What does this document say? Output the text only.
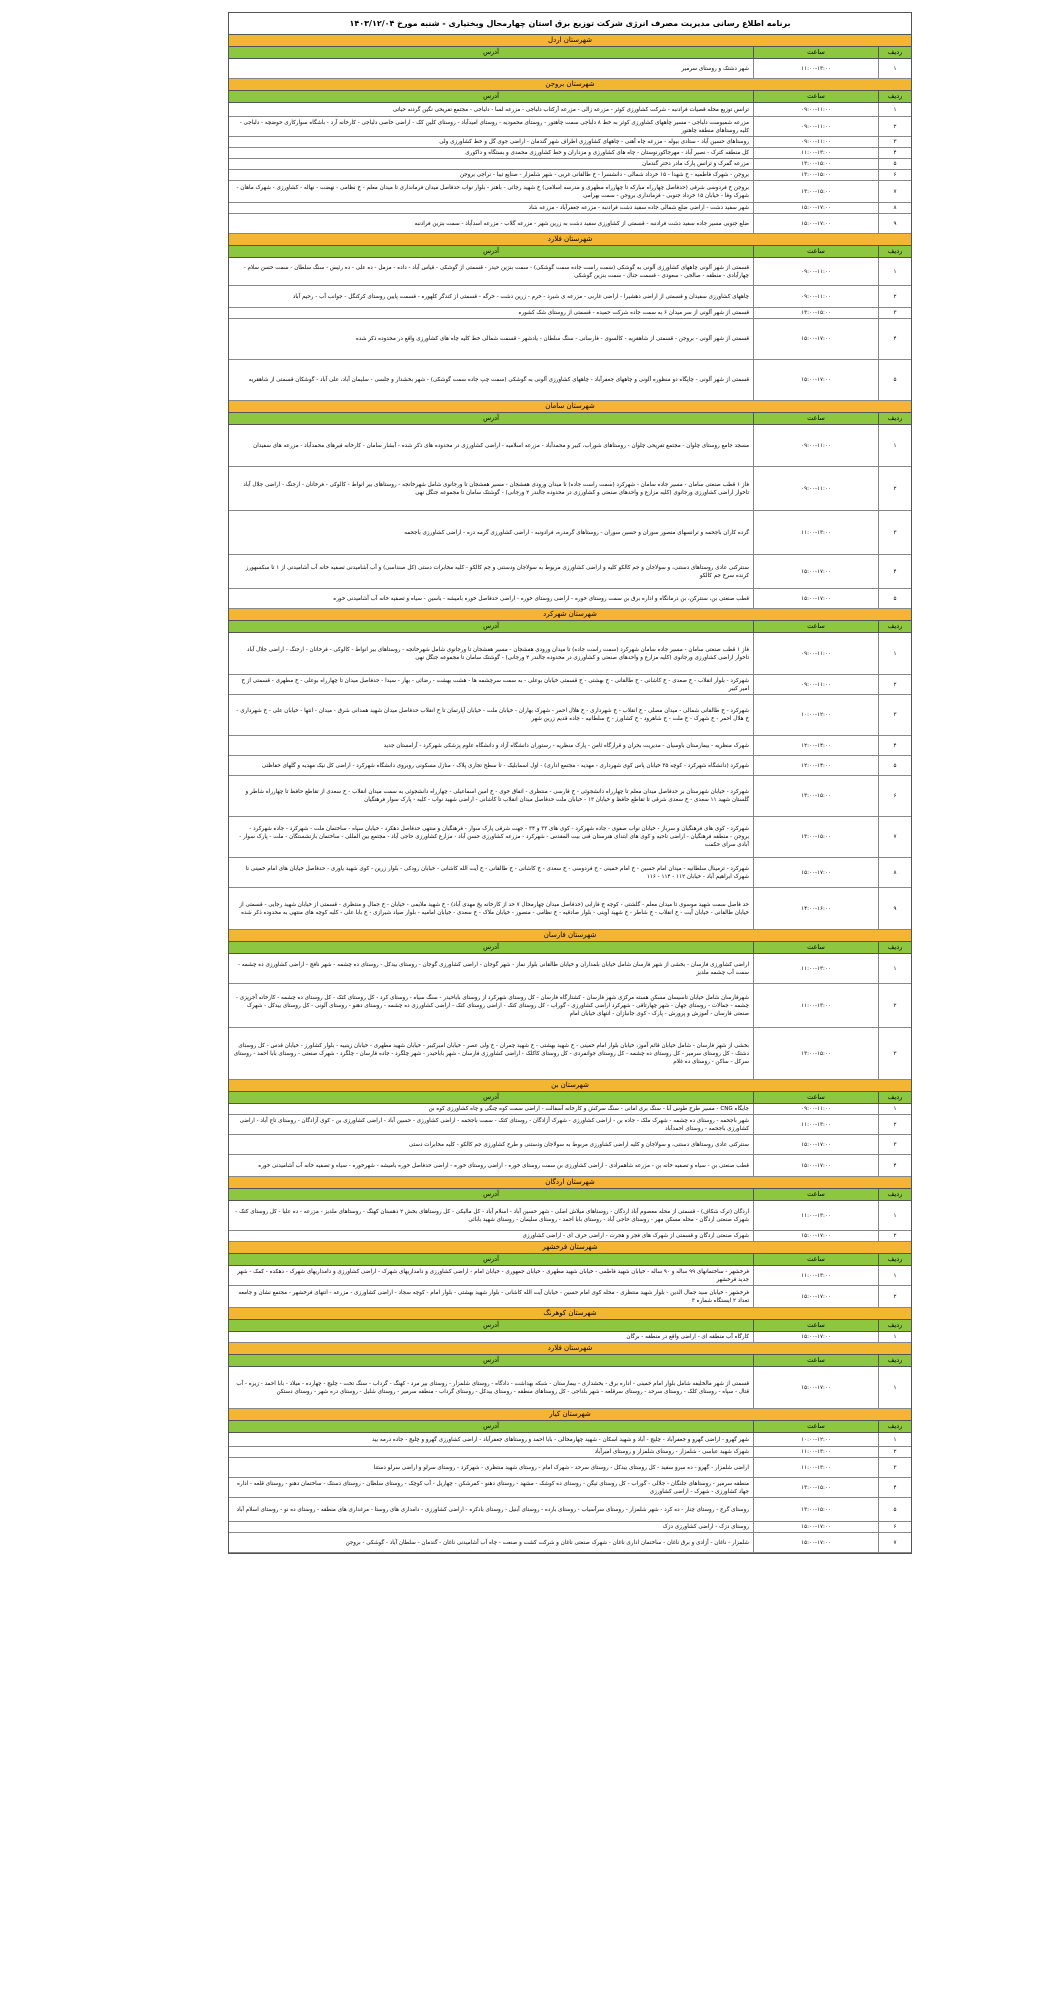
برنامه اطلاع رسانی مدیریت مصرف انرژی شرکت توزیع برق استان چهارمحال وبختیاری - شنبه مورخ ۱۴۰۳/۱۲/۰۴
شهرستان اردل
ردیف
ساعت
آدرس
۱
۱۱:۰۰-۱۳:۰۰
شهر دشتک و روستای سرمیر
شهرستان بروجن
ردیف
ساعت
آدرس
۱
۰۹:۰۰-۱۱:۰۰
ترانس توزیع محله قصیات فرادنبه - شرکت کشاورزی کوثر - مزرعه زالی - مزرعه آرکتاب دلباجی - مزرعه لسا - دلباجی - مجتمع تفریحی نگین گردنه حیاتی
۲
۰۹:۰۰-۱۱:۰۰
مزرعه شمیوست دلباجی - مسیر چاههای کشاورزی کوثر به خط ۸ دلباجی سمت چاهتور - روستای محمودیه - روستای امیدآباد - روستای کلین کک - اراضی خاصی دلباجی - کارخانه آرد - باشگاه سوارکاری حوضچه - دلباجی - کلیه روستاهای منطقه چاهتور
۳
۰۹:۰۰-۱۱:۰۰
روستاهای حسین آباد - ستادی بیوله - مزرعه چاه آهنی - چاههای کشاورزی اطراف شهر گندمان - اراضی جوی گل و خط کشاورزی ولی
۴
۱۱:۰۰-۱۳:۰۰
کل منطقه کترک - نصیر آباد - مهرجاکورنوستان - چاه های کشاورزی و مزداران و خط کشاورزی محمدی و بستگاه و داکوری
۵
۱۳:۰۰-۱۵:۰۰
مزرعه گمرک و ترانس پارک مادر دختر گندمان
۶
۱۳:۰۰-۱۵:۰۰
بروجن - شهرک فاطمیه - خ شهدا - ۱۵ خرداد شمالی - دانشسرا - خ طالقانی غربی - شهر شلمزار - صنایع تیبا - نراجی بروجن
۷
۱۳:۰۰-۱۵:۰۰
بروجن خ فردوسی شرقی (حدفاصل چهارراه مبارکه تا چهارراه مطهری و مدرسه اسلامی) خ شهید رجائی - باهنر - بلوار نواب حدفاصل میدان فرمانداری تا میدان معلم - خ نظامی - نهضت - نهاله - کشاورزی - شهرک ماهان - شهرک وفا - خیابان ۱۵ خرداد جنوبی - فرمانداری بروجن - سمت بهرامی
۸
۱۵:۰۰-۱۷:۰۰
شهر سفید دشت - اراضی ضلع شمالی جاده سفید دشت فرادنبه - مزرعه جعفرآباد - مزرعه شاد
۹
۱۵:۰۰-۱۷:۰۰
ضلع جنوبی مسیر جاده سفید دشت فرادنبه - قسمتی از کشاورزی سفید دشت به زرین شهر - مزرعه گلاب - مزرعه اسدآباد - سمت بنزین فرادنبه
شهرستان فلارد
ردیف
ساعت
آدرس
۱
۰۹:۰۰-۱۱:۰۰
قسمتی از شهر آلونی چاههای کشاورزی آلونی به گوشکی (سمت راست جاده سمت گوشکی) - سمت بنزین حیدر - قسمتی از گوشکی - قیاس آباد - داده - مزمل - ده علی - ده رئیس - سنگ سلطان - سمت حسن سلام - چهارآبادی - منطقه - صالحی - سعودی - قسمت جنال - سمت بنزین گوشکی
۲
۰۹:۰۰-۱۱:۰۰
چاههای کشاورزی سفیدان و قسمتی از اراضی دهشیرا - اراضی غاربی - مزرعه ی شیرد - خرم - زرین دشت - خرگه - قسمتی از کندگر کلهوره - قسمت پایین روستای کرکنگل - جوانب آب - رحیم آباد
۳
۱۳:۰۰-۱۵:۰۰
قسمتی از شهر آلونی از سر میدان ۶ به سمت جاده شرکت حمیده - قسمتی از روستای شک کشوره
۴
۱۵:۰۰-۱۷:۰۰
قسمتی از شهر آلونی - بروجن - قسمتی از شاهقریه - کالسوی - فارسانی - سنگ سلطان - یادشهر - قسمت شمالی خط کلیه چاه های کشاورزی واقع در محدوده ذکر شده
۵
۱۵:۰۰-۱۷:۰۰
قسمتی از شهر آلونی - چاپگاه دو منظوره آلونی و چاههای جعفرآباد - چاههای کشاورزی آلونی به گوشکی (سمت چپ جاده سمت گوشکی) - شهر بخشدار و جلسی - سلیمان آباد، علی آباد - گوشکان قسمتی از شاهقریه
شهرستان سامان
ردیف
ساعت
آدرس
۱
۰۹:۰۰-۱۱:۰۰
مسجد جامع روستای چلوان - مجتمع تفریحی چلوان - روستاهای شوراب، کبیر و محمدآباد - مزرعه اسلامیه - اراضی کشاورزی در محدوده های ذکر شده - آبشار سامان - کارخانه فیرهای محمدآباد - مزرعه های سفیدان
۲
۰۹:۰۰-۱۱:۰۰
فاز ۱ قطب صنعتی سامان - مسیر جاده سامان - شهرکرد (سمت راست جاده) تا میدان ورودی هفشجان - مسیر هفشجان تا ورجانوی شامل شهرخانجه - روستاهای بیر انواط - کالوکی - فرخانان - ارجنگ - اراضی جلال آباد تاخوار اراضی کشاورزی ورجانوی (کلیه مزارع و واحدهای صنعتی و کشاورزی در محدوده جالندر ۲ ورجانی) - گوشتک سامان تا مجموعه جنگل نهی
۳
۱۱:۰۰-۱۳:۰۰
گرده کاران باجحمه و ترانسهای منصور سوران و حسین سوران - روستاهای گرمدره، فرادونبه - اراضی کشاورزی گرمه دره - اراضی کشاورزی باجحمه
۴
۱۵:۰۰-۱۷:۰۰
سنترکنی عادی روستاهای دستنی، و سولاجان و جم کالکو کلیه و اراضی کشاورزی مربوط به سولاجان ودستنی و جم کالکو - کلیه مخابرات دستی (کل صنداسی) و آب آشامیدنی تصفیه خانه آب آشامیدنی از ۱ تا سکسهورز کرنده سرخ جم کالکو
۵
۱۵:۰۰-۱۷:۰۰
قطب صنعتی بن، سنترکن، بن درمانگاه و اداره برق بن سمت روستای خوره - اراضی روستای خوره - اراضی حدفاصل خوره بامیشه - باسین - سیاه و تصفیه خانه آب آشامیدنی خوره
شهرستان شهرکرد
ردیف
ساعت
آدرس
۱
۰۹:۰۰-۱۱:۰۰
فاز ۱ قطب صنعتی سامان - مسیر جاده سامان شهرکرد (سمت راست جاده) تا میدان ورودی هفشجان - مسیر هفشجان تا ورجانوی شامل شهرخانجه - روستاهای بیر انواط - کالوکی - فرخانان - ارجنگ - اراضی جلال آباد تاخوار اراضی کشاورزی ورجانوی (کلیه مزارع و واحدهای صنعتی و کشاورزی در محدوده جالندر ۲ ورجانی) - گوشتک سامان تا مجموعه جنگل نهی
۲
۰۹:۰۰-۱۱:۰۰
شهرکرد - بلوار انقلاب - خ صعدی - خ کاشانی - خ طالقانی - خ بهشتی - خ قسمتی خیابان بوعلی - به سمت سرچشمه ها - هشت بهشت - رضائی - بهار - سیدا - حدفاصل میدان تا چهارراه بوعلی - خ مطهری - قسمتی از خ امیر کبیر
۳
۱۰:۰۰-۱۲:۰۰
شهرکرد - خ طالقانی شمالی - میدان مصلی - خ انقلاب - خ شهرداری - خ هلال احمر - شهرک بهاران - خیابان ملت - خیابان آپارتمان تا خ انقلاب حدفاصل میدان شهید همدانی شرق - میدان - انتها - خیابان علی - خ شهرداری - خ هلال احمر - خ شهرک - خ ملت - خ شاهرود - خ کشاورز - خ سلطانیه - جاده قدیم زرین شهر
۴
۱۲:۰۰-۱۴:۰۰
شهرک منظریه - بیمارستان باوسیان - مدیریت بحران و قرارگاه ثامن - پارک منظریه - رستوران دانشگاه آزاد و دانشگاه علوم پزشکی شهرکرد - آرامستان جدید
۵
۱۲:۰۰-۱۴:۰۰
شهرکرد (دانشگاه شهرکرد - کوچه ۳۵ خیابان پاس کوی شهرداری - مهدیه - مجتمع اداری) - اول اسمابلیک - تا سطح تجاری پلاک - منازل مسکونی روبروی دانشگاه شهرکرد - اراضی کل نیک مهدیه و گلهای حفاظتی
۶
۱۳:۰۰-۱۵:۰۰
شهرکرد - خیابان شهرستان بر حدفاصل میدان معلم تا چهارراه دانشجوئی - خ فارسی - منتظری - اتفاق خوی - خ امین اسماعیلی - چهارراه دانشجوئی به سمت میدان انقلاب - خ سعدی از تقاطع حافظ تا چهارراه شاطر و گلستان شهید ۱۱ سعدی - خ سعدی شرقی تا تقاطع حافظ و خیابان ۱۳ - خیابان ملت حدفاصل میدان انقلاب تا کاشانی - اراضی شهید نواب - کلیه - پارک سوار فرهنگیان
۷
۱۳:۰۰-۱۵:۰۰
شهرکرد - کوی های فرهنگیان و سرباز - خیابان نواب صفوی - جاده شهرکرد - کوی های ۳۳ و ۳۴ - جهت شرقی پارک سوار - فرهنگیان و منتهی حدفاصل دهکرد - خیابان سپاه - ساختمان ملت - شهرکرد - جاده شهرکرد - بروجن - منطقه فرهنگیان - اراضی ناحیه و کوی های ابتدای هنرستان فنی بیت المقدس - شهرکرد - مزرعه کشاورزی حسن آباد - مزارع کشاورزی حاجی آباد - مجتمع بین المللی - ساختمان بازنشستگان - ملت - پارک سوار - آبادی سرای حکمت
۸
۱۵:۰۰-۱۷:۰۰
شهرکرد - ترمینال سلطانیه - میدان امام حسین - خ امام خمینی - خ فردوسی - خ سعدی - خ کاشانی - خ طالقانی - خ آیت الله کاشانی - خیابان رودکی - بلوار زرین - کوی شهید یاوری - حدفاصل خیابان های امام خمینی تا شهرک ابراهیم آباد - خیابان ۱۱۲ - ۱۱۴ - ۱۱۶
۹
۱۴:۰۰-۱۶:۰۰
حد فاصل سمت شهید موسوی تا میدان معلم - گلشتی - کوچه خ فارابی (حدفاصل میدان چهارمحال ۷ حد از کارخانه یخ مهدی آباد) - خ شهید ملایمی - خیابان - خ جمال و منتظری - قسمتی از خیابان شهید رجایی - قسمتی از خیابان طالقانی - خیابان آیت - خ انقلاب - خ شاطر - خ شهید آوینی - بلوار صادقیه - خ نظامی - منصور - خیابان ملاک - خ سعدی - خیابان امامیه - بلوار صیاد شیرازی - خ بابا علی - کلیه کوچه های منتهی به محدوده ذکر شده
شهرستان فارسان
ردیف
ساعت
آدرس
۱
۱۱:۰۰-۱۳:۰۰
اراضی کشاورزی فارسان - بخشی از شهر فارسان شامل خیابان بلمداران و خیابان طالقانی بلوار نماز - شهر گوجان - اراضی کشاورزی گوجان - روستای بیدکل - روستای ده چشمه - شهر نافچ - اراضی کشاورزی ده چشمه - سمت آب چشمه ملدیز
۲
۱۱:۰۰-۱۳:۰۰
شهرفارسان شامل خیابان تاسیسان مسکن هسته مرکزی شهر فارسان - کشتارگاه فارسان - کل روستای شهرکرد از روستای باباحیدر - سنگ سیاه - روستای کرد - کل روستای کتک - کل روستای ده چشمه - کارخانه آجرپزی - چشمه - جمالات - روستای جهان - شهر چهارتاقی - شهرکرد اراضی کشاورزی - گوراب - کل روستای کتک - اراضی روستای کتک - اراضی کشاورزی ده چشمه - روستای دهنو - روستای آلونی - کل روستای بیدکل - شهرک صنعتی فارسان - آموزش و پرورش - پارک - کوی جانبازان - انتهای خیابان امام
۳
۱۳:۰۰-۱۵:۰۰
بخشی از شهر فارسان - شامل خیابان قائم آموز، خیابان بلوار امام خمینی - خ شهید بهشتی - خ شهید چمران - خ ولی عصر - خیابان امیرکبیر - خیابان شهید مطهری - خیابان زینبیه - بلوار کشاورز - خیابان قدس - کل روستای دشتک - کل روستای سرمیر - کل روستای ده چشمه - کل روستای جوانمردی - کل روستای کاکلک - اراضی کشاورزی فارسان - شهر باباحیدر - شهر چلگرد - جاده فارسان - چلگرد - شهرک صنعتی - روستای بابا احمد - روستای سرکل - ساکن - روستای ده غلام
شهرستان بن
ردیف
ساعت
آدرس
۱
۰۹:۰۰-۱۱:۰۰
جایگاه CNG - مسیر طرح طوس آبا - سنگ بری امانی - سنگ سرکش و کارخانه آسفالت - اراضی سمت کوه چنگی و چاه کشاورزی کوه بن
۲
۱۱:۰۰-۱۳:۰۰
شهر باجحمه - روستای ده چشمه - شهرک ملک - جاده بن - اراضی کشاورزی - شهرک آزادگان - روستای کتک - سمت باجحمه - اراضی کشاورزی - حسین آباد - اراضی کشاورزی بن - کوی آزادگان - روستای تاج آباد - اراضی کشاورزی باجحمه - روستای احمدآباد
۳
۱۵:۰۰-۱۷:۰۰
سنترکنی عادی روستاهای دستنی، و سولاجان و کلیه اراضی کشاورزی مربوط به سولاجان ودستنی و طرح کشاورزی جم کالکو - کلیه مخابرات دستی
۴
۱۵:۰۰-۱۷:۰۰
قطب صنعتی بن - سیاه و تصفیه خانه بن - مزرعه شاهمرادی - اراضی کشاورزی بن سمت روستای خوره - اراضی روستای خوره - اراضی حدفاصل خوره بامیشه - شهرخوره - سیاه و تصفیه خانه آب آشامیدنی خوره
شهرستان اردگان
ردیف
ساعت
آدرس
۱
۱۱:۰۰-۱۳:۰۰
اردگان (ترک شکاف) - قسمتی از محله معصوم آباد اردگان - روستاهای میلاش اصلی - شهر حسین آباد - اسلام آباد - کل مالیکی - کل روستاهای بخش ۲ دهستان کهنگ - روستاهای ملدیز - مزرعه - ده علیا - کل روستای کتک - شهرک صنعتی اردگان - محله مسکن مهر - روستای حاجی آباد - روستای بابا احمد - روستای سلیمان - روستای شهید بابائی
۲
۱۵:۰۰-۱۷:۰۰
شهرک صنعتی اردگان و قسمتی از شهرک های فجر و هجرت - اراضی حرف ای - اراضی کشاورزی
شهرستان فرخشهر
ردیف
ساعت
آدرس
۱
۱۱:۰۰-۱۳:۰۰
فرخشهر - ساختمانهای ۹۹ ساله و ۹۰ ساله - خیابان شهید فاطمی - خیابان شهید مطهری - خیابان جمهوری - خیابان امام - اراضی کشاورزی و دامداریهای شهرک - اراضی کشاورزی و دامداریهای شهرک - دهکده - کمک - شهر جدید فرخشهر
۲
۱۵:۰۰-۱۷:۰۰
فرخشهر - خیابان سید جمال الدین - بلوار شهید منتظری - محله کوی امام حسین - خیابان آیت الله کاشانی - بلوار شهید بهشتی - بلوار امام - کوچه سجاد - اراضی کشاورزی - مزرعه - انتهای فرخشهر - مجتمع نشان و جامعه تعداد ۲ ایستگاه شماره ۳
شهرستان کوهرنگ
ردیف
ساعت
آدرس
۱
۱۵:۰۰-۱۷:۰۰
کارگاه آب منطقه ای - اراضی واقع در منطقه - برگان
شهرستان فلارد
ردیف
ساعت
آدرس
۱
۱۵:۰۰-۱۷:۰۰
قسمتی از شهر مالخلیفه شامل بلوار امام خمینی - اداره برق - بخشداری - بیمارستان - شبکه بهداشت - دادگاه - روستای شلمزار - روستای بیر مرد - کهنگ - گرداب - سنگ تخت - چلیچ - چهارده - میلاد - بابا احمد - زیره - آب قتال - سپاه - روستای کلک - روستای سرحد - روستای سرقلعه - شهر بلداجی - کل روستاهای منطقه - روستای بیدکل - روستای گرداب - منطقه سرمیر - روستای شلیل - روستای دره شهر - روستای دستکن
شهرستان کیار
ردیف
ساعت
آدرس
۱
۱۰:۰۰-۱۲:۰۰
شهر گهرو - اراضی گهرو و جعفرآباد - چلیچ - آباد و شهید اسکان - شهید چهارمحالی - بابا احمد و روستاهای جعفرآباد - اراضی کشاورزی گهرو و چلیچ - جاده درمه بید
۲
۱۱:۰۰-۱۳:۰۰
شهرک شهید عباسی - شلمزار - روستای شلمزار و روستای امیرآباد
۳
۱۱:۰۰-۱۳:۰۰
اراضی شلمزار - گهرو - ده سرو سفید - کل روستای بیدکل - روستای سرحد - شهرک امام - روستای شهید منتظری - شهرکرد - روستای سرلو و اراضی سرلو دستنا
۴
۱۳:۰۰-۱۵:۰۰
منطقه سرمیر - روستاهای جلنگان - جلالی - گوراب - کل روستای تیگن - روستای ده کوشک - مشهد - روستای دهنو - کمرشکن - چهاریل - آب کوچک - روستای سلطان - روستای دستک - ساختمان دهنو - روستای قلعه - اداره جهاد کشاورزی - شهرک - اراضی کشاورزی
۵
۱۳:۰۰-۱۵:۰۰
روستای گرج - روستای چنار - ده کرد - شهر شلمزار - روستای سرآسیاب - روستای بارده - روستای آبنیل - روستای بادکره - اراضی کشاورزی - دامداری های روستا - مرغداری های منطقه - روستای ده نو - روستای اسلام آباد
۶
۱۵:۰۰-۱۷:۰۰
روستای دزک - اراضی کشاورزی دزک
۷
۱۵:۰۰-۱۷:۰۰
شلمزار - ناغان - آزادی و برق ناغان - ساختمان اداری ناغان - شهرک صنعتی ناغان و شرکت کشت و صنعت - چاه آب آشامیدنی ناغان - گندمان - سلطان آباد - گوشکی - بروجن
